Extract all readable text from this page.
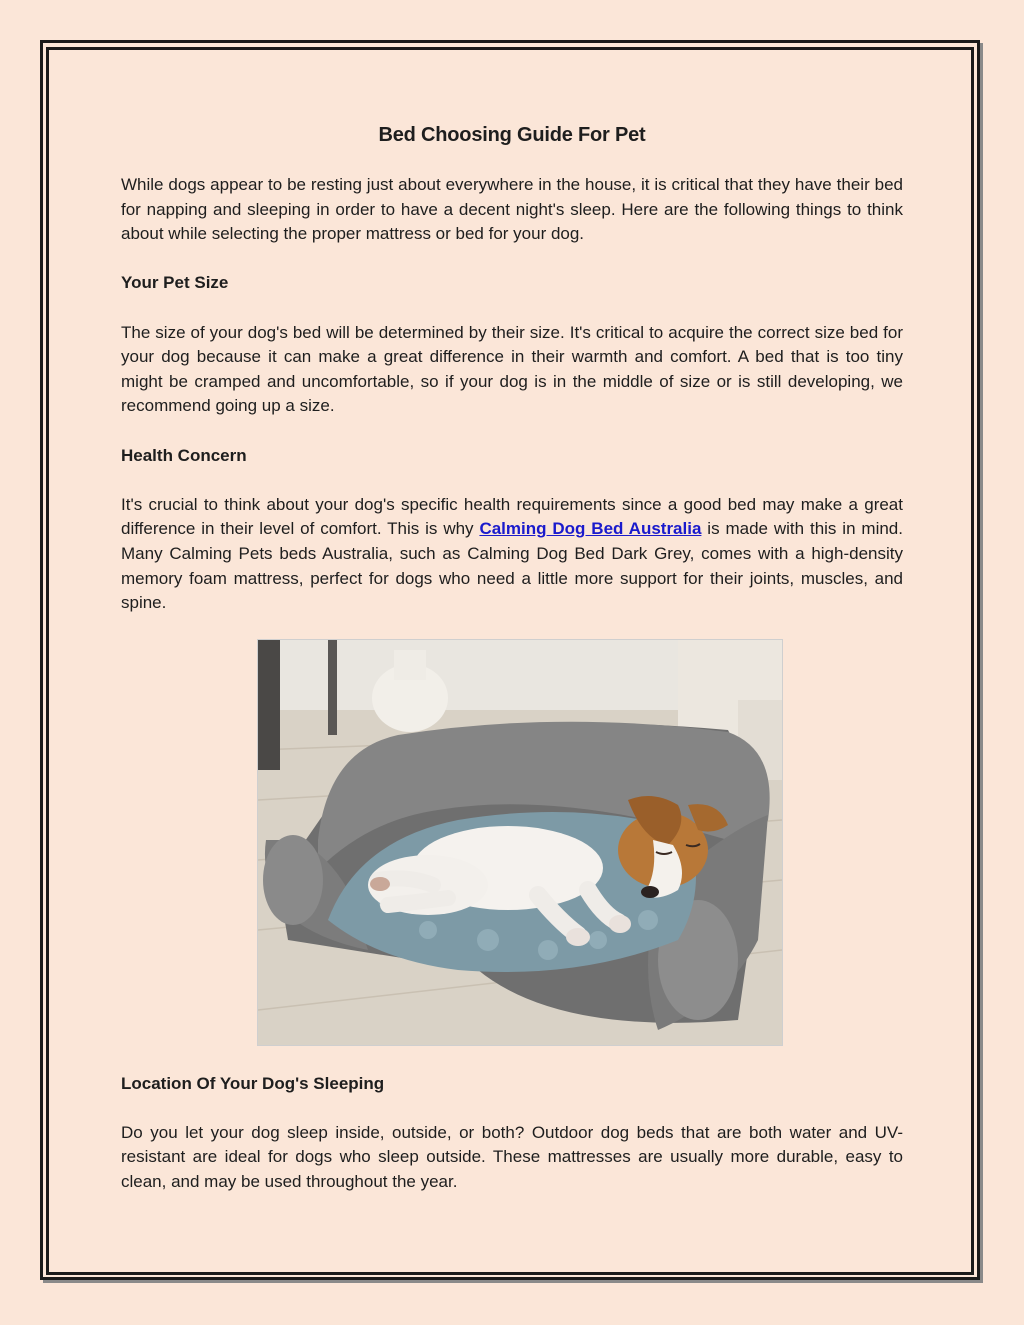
Bed Choosing Guide For Pet

While dogs appear to be resting just about everywhere in the house, it is critical that they have their bed for napping and sleeping in order to have a decent night's sleep. Here are the following things to think about while selecting the proper mattress or bed for your dog.

Your Pet Size

The size of your dog's bed will be determined by their size. It's critical to acquire the correct size bed for your dog because it can make a great difference in their warmth and comfort. A bed that is too tiny might be cramped and uncomfortable, so if your dog is in the middle of size or is still developing, we recommend going up a size.

Health Concern

It's crucial to think about your dog's specific health requirements since a good bed may make a great difference in their level of comfort. This is why Calming Dog Bed Australia is made with this in mind. Many Calming Pets beds Australia, such as Calming Dog Bed Dark Grey, comes with a high-density memory foam mattress, perfect for dogs who need a little more support for their joints, muscles, and spine.

Location Of Your Dog's Sleeping

Do you let your dog sleep inside, outside, or both? Outdoor dog beds that are both water and UV-resistant are ideal for dogs who sleep outside. These mattresses are usually more durable, easy to clean, and may be used throughout the year.
